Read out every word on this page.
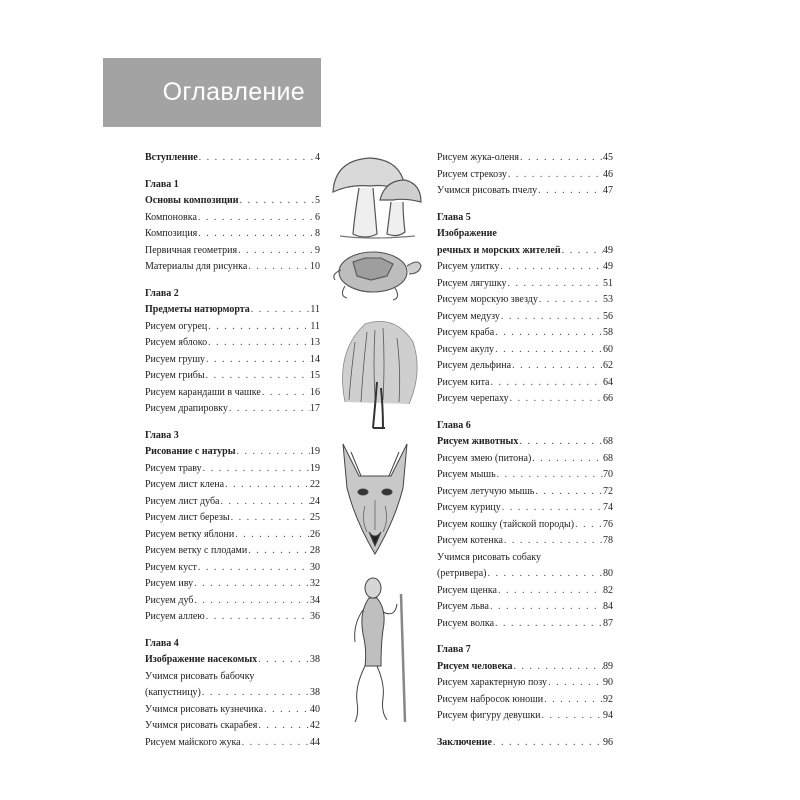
Оглавление
Вступление . . .	4
Глава 1
Основы композиции . . .	5
Компоновка . . .	6
Композиция . . .	8
Первичная геометрия . . .	9
Материалы для рисунка . . .	10
Глава 2
Предметы натюрморта . . .	11
Рисуем огурец . . .	11
Рисуем яблоко . . .	13
Рисуем грушу . . .	14
Рисуем грибы . . .	15
Рисуем карандаши в чашке . . .	16
Рисуем драпировку . . .	17
Глава 3
Рисование с натуры . . .	19
Рисуем траву . . .	19
Рисуем лист клена . . .	22
Рисуем лист дуба . . .	24
Рисуем лист березы . . .	25
Рисуем ветку яблони . . .	26
Рисуем ветку с плодами . . .	28
Рисуем куст . . .	30
Рисуем иву . . .	32
Рисуем дуб . . .	34
Рисуем аллею . . .	36
Глава 4
Изображение насекомых . . .	38
Учимся рисовать бабочку
(капустницу) . . .	38
Учимся рисовать кузнечика . . .	40
Учимся рисовать скарабея . . .	42
Рисуем майского жука . . .	44
Рисуем жука-оленя . . .	45
Рисуем стрекозу . . .	46
Учимся рисовать пчелу . . .	47
Глава 5
Изображение
речных и морских жителей . . .	49
Рисуем улитку . . .	49
Рисуем лягушку . . .	51
Рисуем морскую звезду . . .	53
Рисуем медузу . . .	56
Рисуем краба . . .	58
Рисуем акулу . . .	60
Рисуем дельфина . . .	62
Рисуем кита . . .	64
Рисуем черепаху . . .	66
Глава 6
Рисуем животных . . .	68
Рисуем змею (питона) . . .	68
Рисуем мышь . . .	70
Рисуем летучую мышь . . .	72
Рисуем курицу . . .	74
Рисуем кошку (тайской породы) . . .	76
Рисуем котенка . . .	78
Учимся рисовать собаку
(ретривера) . . .	80
Рисуем щенка . . .	82
Рисуем льва . . .	84
Рисуем волка . . .	87
Глава 7
Рисуем человека . . .	89
Рисуем характерную позу . . .	90
Рисуем набросок юноши . . .	92
Рисуем фигуру девушки . . .	94
Заключение . . .	96
